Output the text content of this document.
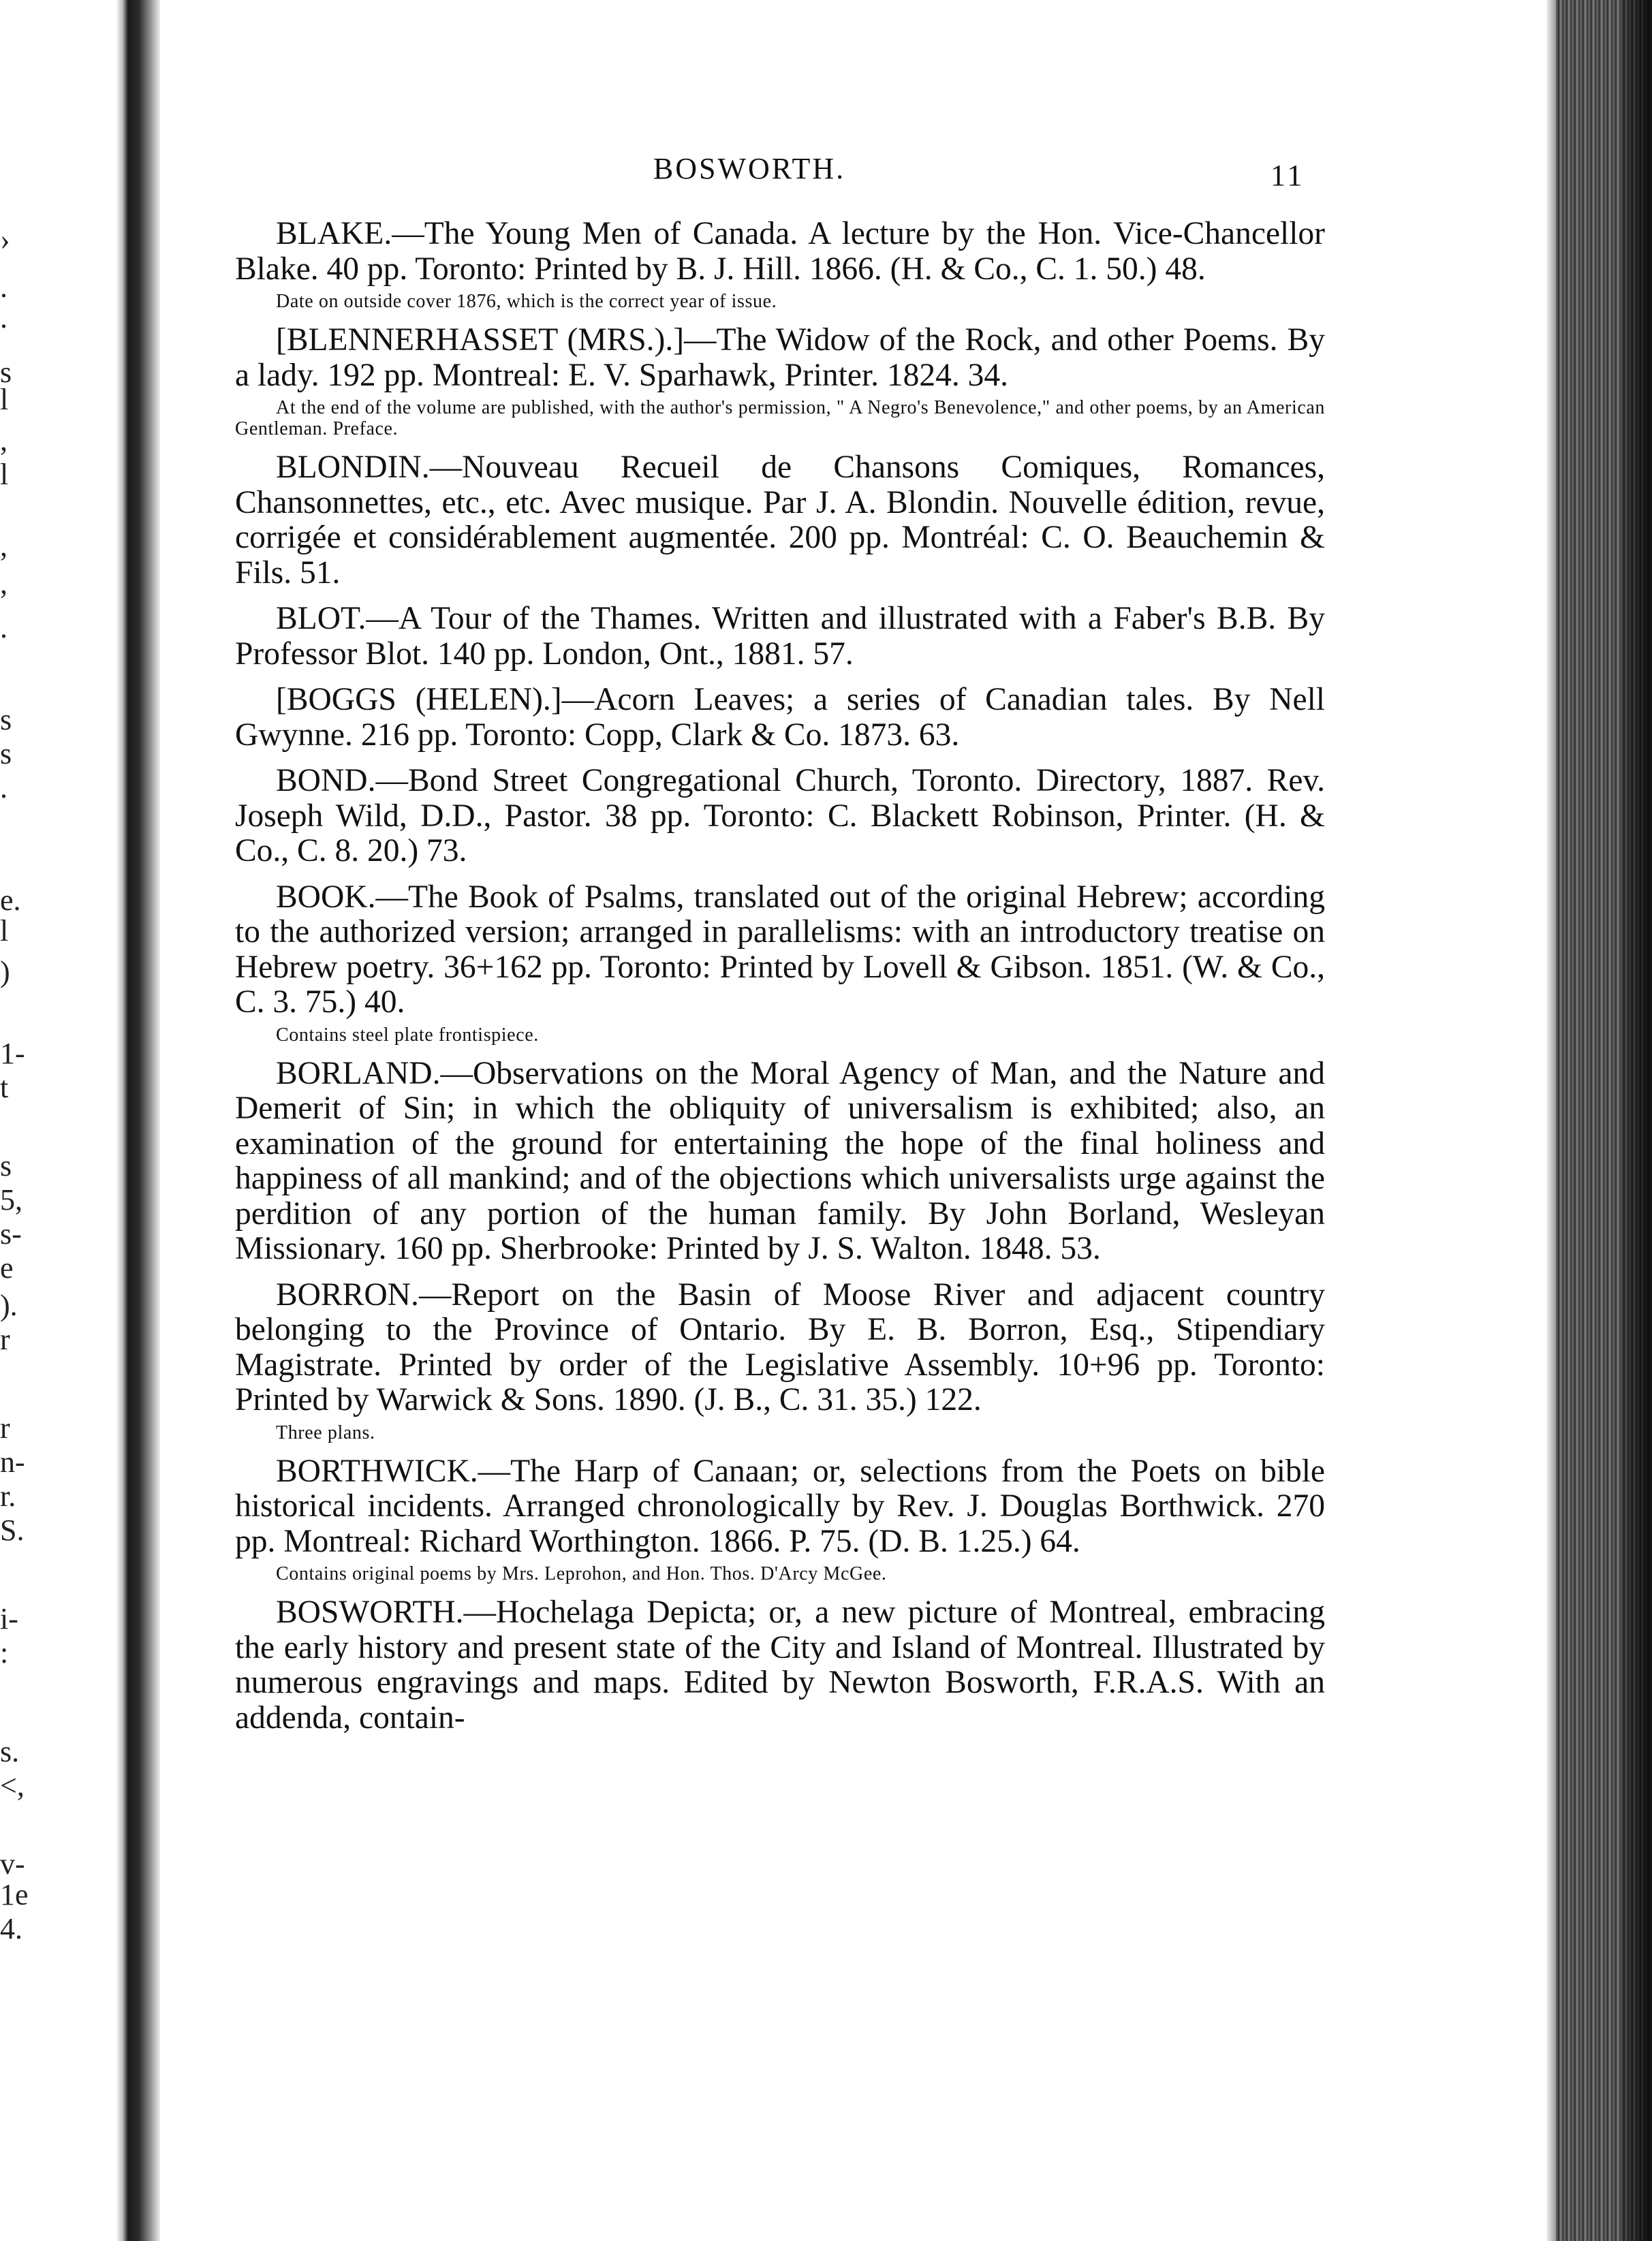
›
.
.
s
l
,
l
,
,
.
s
s
.
e.
l
)
1-
t
s
5,
s-
e
).
r
r
n-
r.
S.
i-
:
s.
<,
v-
1e
4.
BOSWORTH.	11

BLAKE.—The Young Men of Canada. A lecture by the Hon. Vice-Chancellor Blake. 40 pp. Toronto: Printed by B. J. Hill. 1866. (H. & Co., C. 1. 50.) 48.

Date on outside cover 1876, which is the correct year of issue.

[BLENNERHASSET (MRS.).]—The Widow of the Rock, and other Poems. By a lady. 192 pp. Montreal: E. V. Sparhawk, Printer. 1824. 34.

At the end of the volume are published, with the author's permission, " A Negro's Benevolence," and other poems, by an American Gentleman. Preface.

BLONDIN.—Nouveau Recueil de Chansons Comiques, Romances, Chansonnettes, etc., etc. Avec musique. Par J. A. Blondin. Nouvelle édition, revue, corrigée et considérablement augmentée. 200 pp. Montréal: C. O. Beauchemin & Fils. 51.

BLOT.—A Tour of the Thames. Written and illustrated with a Faber's B.B. By Professor Blot. 140 pp. London, Ont., 1881. 57.

[BOGGS (HELEN).]—Acorn Leaves; a series of Canadian tales. By Nell Gwynne. 216 pp. Toronto: Copp, Clark & Co. 1873. 63.

BOND.—Bond Street Congregational Church, Toronto. Directory, 1887. Rev. Joseph Wild, D.D., Pastor. 38 pp. Toronto: C. Blackett Robinson, Printer. (H. & Co., C. 8. 20.) 73.

BOOK.—The Book of Psalms, translated out of the original Hebrew; according to the authorized version; arranged in parallelisms: with an introductory treatise on Hebrew poetry. 36+162 pp. Toronto: Printed by Lovell & Gibson. 1851. (W. & Co., C. 3. 75.) 40.

Contains steel plate frontispiece.

BORLAND.—Observations on the Moral Agency of Man, and the Nature and Demerit of Sin; in which the obliquity of universalism is exhibited; also, an examination of the ground for entertaining the hope of the final holiness and happiness of all mankind; and of the objections which universalists urge against the perdition of any portion of the human family. By John Borland, Wesleyan Missionary. 160 pp. Sherbrooke: Printed by J. S. Walton. 1848. 53.

BORRON.—Report on the Basin of Moose River and adjacent country belonging to the Province of Ontario. By E. B. Borron, Esq., Stipendiary Magistrate. Printed by order of the Legislative Assembly. 10+96 pp. Toronto: Printed by Warwick & Sons. 1890. (J. B., C. 31. 35.) 122.

Three plans.

BORTHWICK.—The Harp of Canaan; or, selections from the Poets on bible historical incidents. Arranged chronologically by Rev. J. Douglas Borthwick. 270 pp. Montreal: Richard Worthington. 1866. P. 75. (D. B. 1.25.) 64.

Contains original poems by Mrs. Leprohon, and Hon. Thos. D'Arcy McGee.

BOSWORTH.—Hochelaga Depicta; or, a new picture of Montreal, embracing the early history and present state of the City and Island of Montreal. Illustrated by numerous engravings and maps. Edited by Newton Bosworth, F.R.A.S. With an addenda, contain-
